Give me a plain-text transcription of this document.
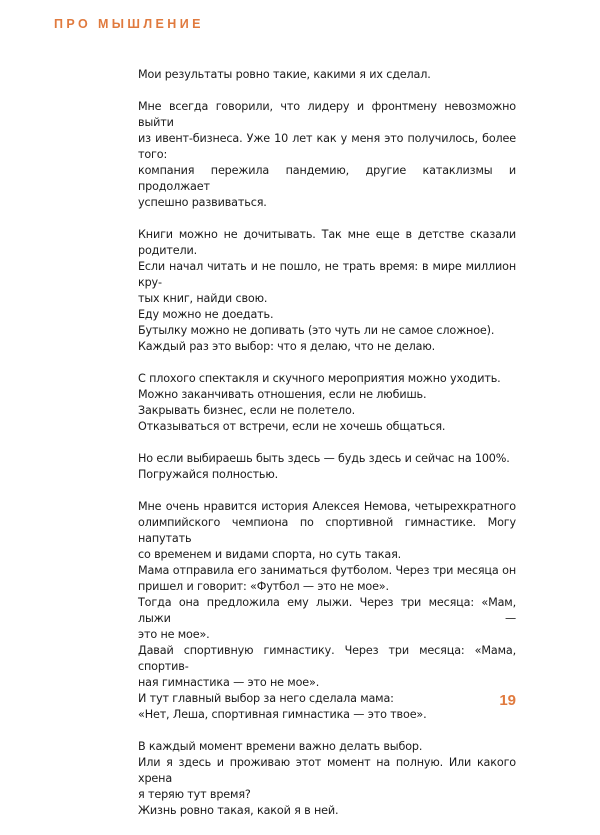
ПРО МЫШЛЕНИЕ

Мои результаты ровно такие, какими я их сделал.

Мне всегда говорили, что лидеру и фронтмену невозможно выйти
из ивент-бизнеса. Уже 10 лет как у меня это получилось, более того:
компания пережила пандемию, другие катаклизмы и продолжает
успешно развиваться.

Книги можно не дочитывать. Так мне еще в детстве сказали родители.
Если начал читать и не пошло, не трать время: в мире миллион кру-
тых книг, найди свою.
Еду можно не доедать.
Бутылку можно не допивать (это чуть ли не самое сложное).
Каждый раз это выбор: что я делаю, что не делаю.

С плохого спектакля и скучного мероприятия можно уходить.
Можно заканчивать отношения, если не любишь.
Закрывать бизнес, если не полетело.
Отказываться от встречи, если не хочешь общаться.

Но если выбираешь быть здесь — будь здесь и сейчас на 100%.
Погружайся полностью.

Мне очень нравится история Алексея Немова, четырехкратного
олимпийского чемпиона по спортивной гимнастике. Могу напутать
со временем и видами спорта, но суть такая.
Мама отправила его заниматься футболом. Через три месяца он
пришел и говорит: «Футбол — это не мое».
Тогда она предложила ему лыжи. Через три месяца: «Мам, лыжи —
это не мое».
Давай спортивную гимнастику. Через три месяца: «Мама, спортив-
ная гимнастика — это не мое».
И тут главный выбор за него сделала мама:
«Нет, Леша, спортивная гимнастика — это твое».

В каждый момент времени важно делать выбор.
Или я здесь и проживаю этот момент на полную. Или какого хрена
я теряю тут время?
Жизнь ровно такая, какой я в ней.

19
